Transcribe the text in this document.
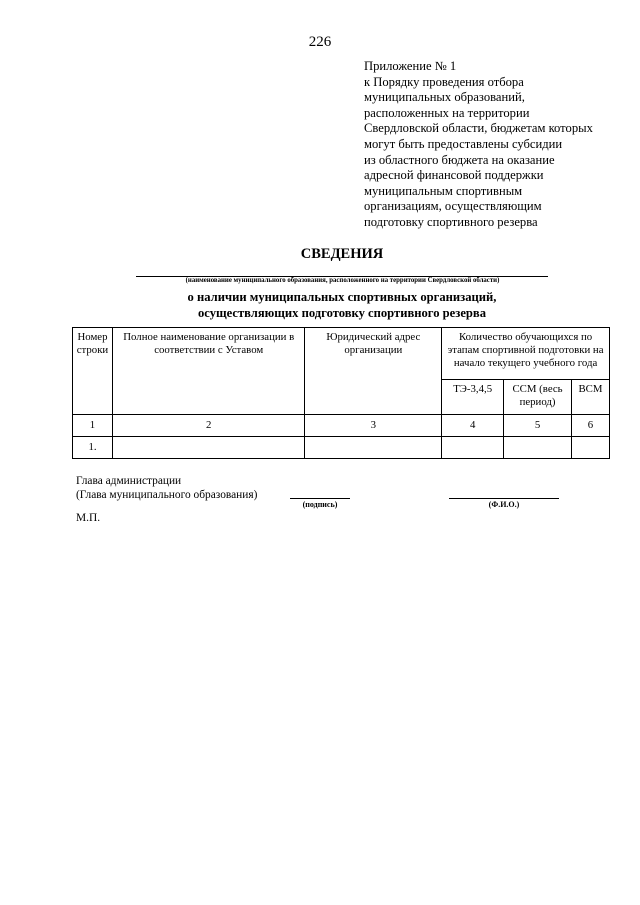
226
Приложение № 1
к Порядку проведения отбора
муниципальных образований,
расположенных на территории
Свердловской области, бюджетам которых
могут быть предоставлены субсидии
из областного бюджета на оказание
адресной финансовой поддержки
муниципальным спортивным
организациям, осуществляющим
подготовку спортивного резерва
СВЕДЕНИЯ
(наименование муниципального образования, расположенного на территории Свердловской области)
о наличии муниципальных спортивных организаций,
осуществляющих подготовку спортивного резерва
Номер строки	Полное наименование организации в соответствии с Уставом	Юридический адрес организации	Количество обучающихся по этапам спортивной подготовки на начало текущего учебного года		
			ТЭ-3,4,5	ССМ (весь период)	ВСМ
1	2	3	4	5	6
1.					
Глава администрации
(Глава муниципального образования)
(подпись)	(Ф.И.О.)
М.П.
